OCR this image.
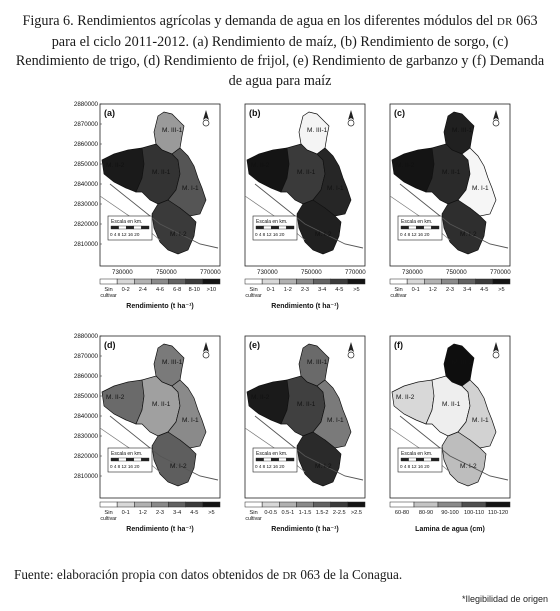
Figura 6. Rendimientos agrícolas y demanda de agua en los diferentes módulos del DR 063 para el ciclo 2011-2012. (a) Rendimiento de maíz, (b) Rendimiento de sorgo, (c) Rendimiento de trigo, (d) Rendimiento de frijol, (e) Rendimiento de garbanzo y (f) Demanda de agua para maíz
(a)
M. III-1
M. II-2
M. II-1
M. I-1
M. I-2
Escala en km.
0 4 8 12 16 20
2880000
2870000
2860000
2850000
2840000
2830000
2820000
2810000
730000	750000	770000
Sin
cultivar
0-2 2-4 4-6 6-8 8-10 >10
Rendimiento (t ha⁻¹)
(b)
M. III-1
M. II-2
M. II-1
M. I-1
M. I-2
Escala en km.
0 4 8 12 16 20
730000	750000	770000
Sin
cultivar
0-1 1-2 2-3 3-4 4-5 >5
Rendimiento (t ha⁻¹)
(c)
M. III-1
M. II-2
M. II-1
M. I-1
M. I-2
Escala en km.
0 4 8 12 16 20
730000	750000	770000
Sin
cultivar
0-1 1-2 2-3 3-4 4-5 >5
(d)
M. III-1
M. II-2
M. II-1
M. I-1
M. I-2
Escala en km.
0 4 8 12 16 20
2880000
2870000
2860000
2850000
2840000
2830000
2820000
2810000
Sin
cultivar
0-1 1-2 2-3 3-4 4-5 >5
Rendimiento (t ha⁻¹)
(e)
M. III-1
M. II-2
M. II-1
M. I-1
M. I-2
Escala en km.
0 4 8 12 16 20
Sin
cultivar
0-0.5 0.5-1 1-1.5 1.5-2 2-2.5 >2.5
Rendimiento (t ha⁻¹)
(f)
M. III-1
M. II-2
M. II-1
M. I-1
M. I-2
Escala en km.
0 4 8 12 16 20
60-80 80-90 90-100 100-110 110-120
Lamina de agua (cm)
Fuente: elaboración propia con datos obtenidos de DR 063 de la Conagua.
*Ilegibilidad de origen
